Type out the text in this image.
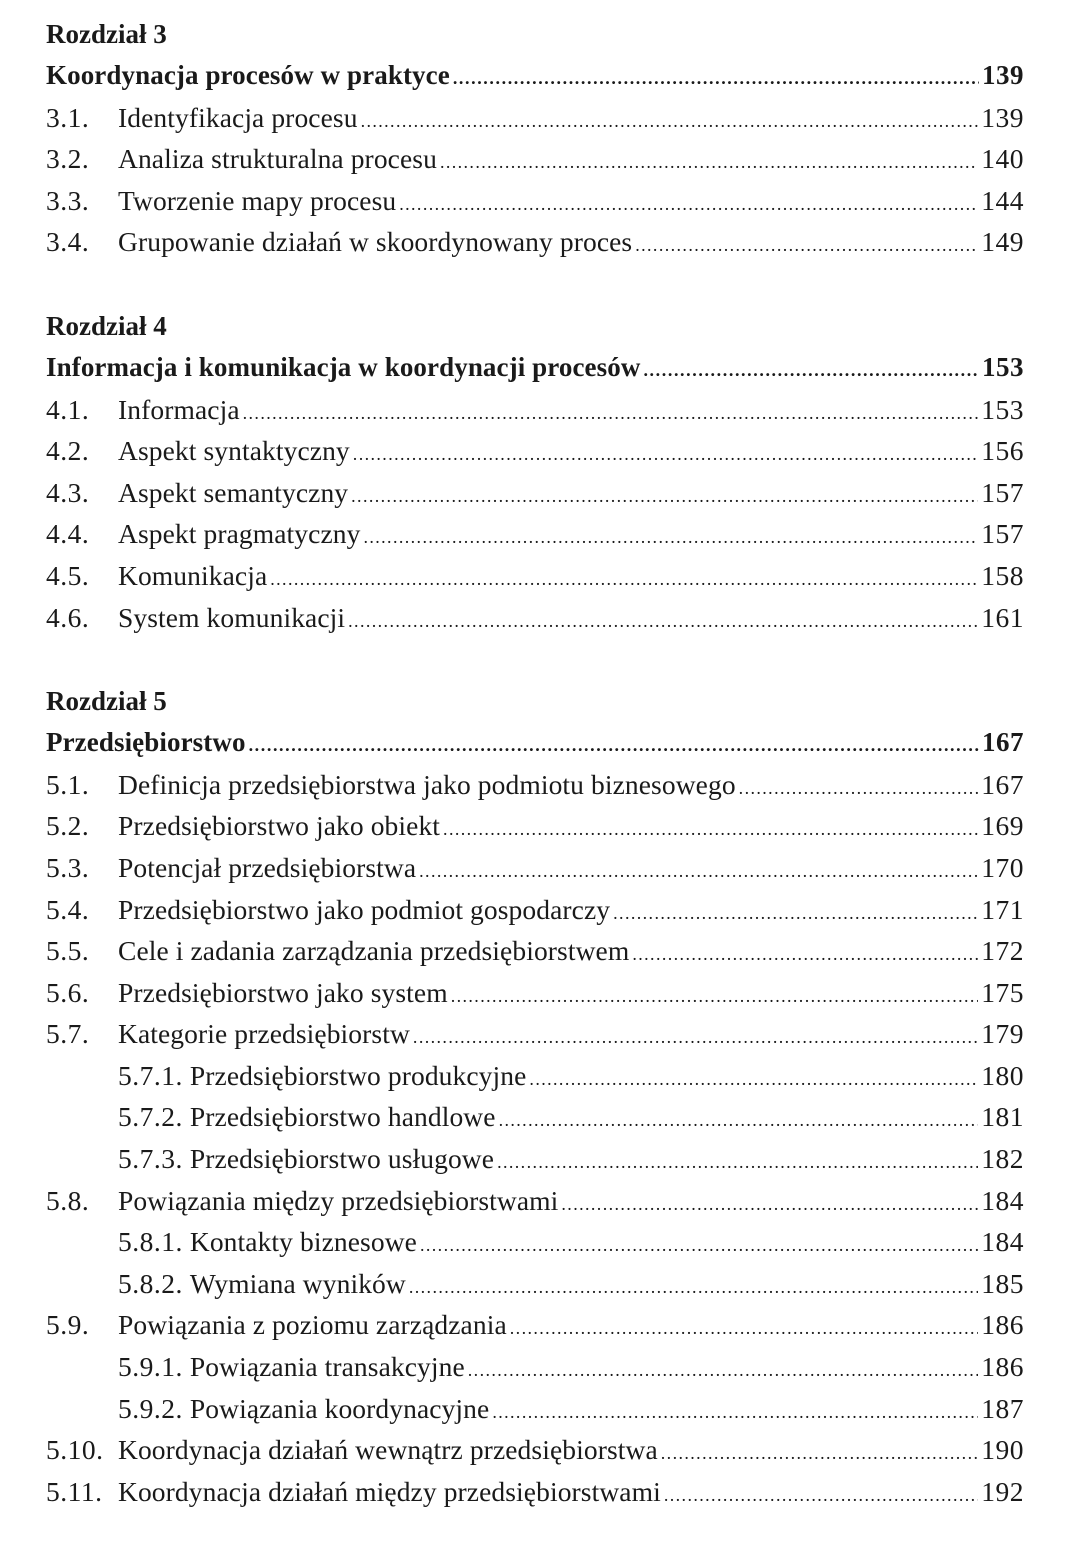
Rozdział 3
Koordynacja procesów w praktyce .....	139
3.1.	Identyfikacja procesu .....	139
3.2.	Analiza strukturalna procesu .....	140
3.3.	Tworzenie mapy procesu .....	144
3.4.	Grupowanie działań w skoordynowany proces .....	149
Rozdział 4
Informacja i komunikacja w koordynacji procesów .....	153
4.1.	Informacja .....	153
4.2.	Aspekt syntaktyczny .....	156
4.3.	Aspekt semantyczny .....	157
4.4.	Aspekt pragmatyczny .....	157
4.5.	Komunikacja .....	158
4.6.	System komunikacji .....	161
Rozdział 5
Przedsiębiorstwo .....	167
5.1.	Definicja przedsiębiorstwa jako podmiotu biznesowego .....	167
5.2.	Przedsiębiorstwo jako obiekt .....	169
5.3.	Potencjał przedsiębiorstwa .....	170
5.4.	Przedsiębiorstwo jako podmiot gospodarczy .....	171
5.5.	Cele i zadania zarządzania przedsiębiorstwem .....	172
5.6.	Przedsiębiorstwo jako system .....	175
5.7.	Kategorie przedsiębiorstw .....	179
5.7.1. Przedsiębiorstwo produkcyjne .....	180
5.7.2. Przedsiębiorstwo handlowe .....	181
5.7.3. Przedsiębiorstwo usługowe .....	182
5.8.	Powiązania między przedsiębiorstwami .....	184
5.8.1. Kontakty biznesowe .....	184
5.8.2. Wymiana wyników .....	185
5.9.	Powiązania z poziomu zarządzania .....	186
5.9.1. Powiązania transakcyjne .....	186
5.9.2. Powiązania koordynacyjne .....	187
5.10. Koordynacja działań wewnątrz przedsiębiorstwa .....	190
5.11. Koordynacja działań między przedsiębiorstwami .....	192
